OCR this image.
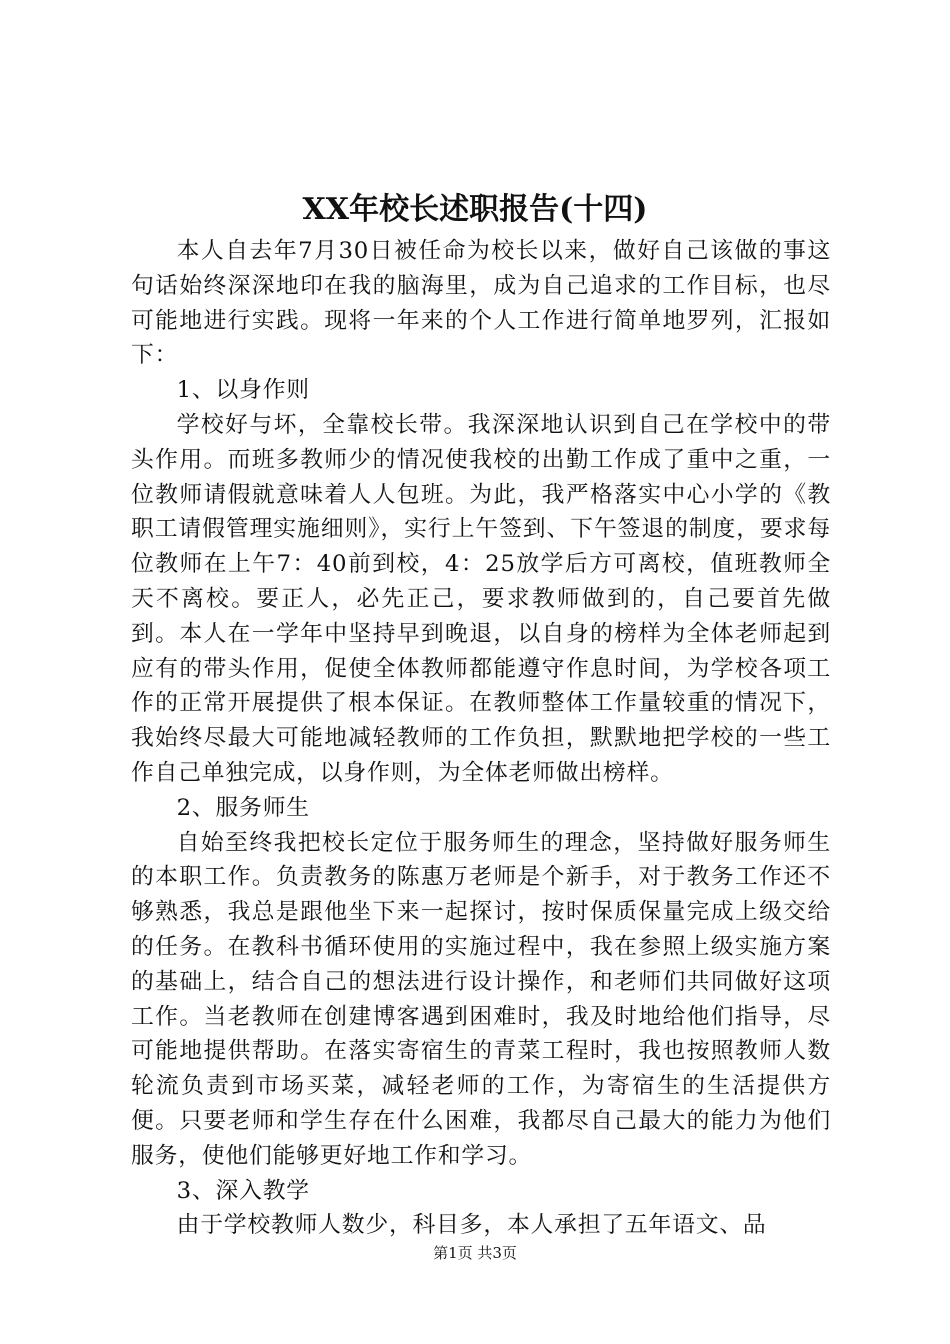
XX年校长述职报告(十四)

本人自去年7月30日被任命为校长以来，做好自己该做的事这句话始终深深地印在我的脑海里，成为自己追求的工作目标，也尽可能地进行实践。现将一年来的个人工作进行简单地罗列，汇报如下：

1、以身作则

学校好与坏，全靠校长带。我深深地认识到自己在学校中的带头作用。而班多教师少的情况使我校的出勤工作成了重中之重，一位教师请假就意味着人人包班。为此，我严格落实中心小学的《教职工请假管理实施细则》，实行上午签到、下午签退的制度，要求每位教师在上午7：40前到校，4：25放学后方可离校，值班教师全天不离校。要正人，必先正己，要求教师做到的，自己要首先做到。本人在一学年中坚持早到晚退，以自身的榜样为全体老师起到应有的带头作用，促使全体教师都能遵守作息时间，为学校各项工作的正常开展提供了根本保证。在教师整体工作量较重的情况下，我始终尽最大可能地减轻教师的工作负担，默默地把学校的一些工作自己单独完成，以身作则，为全体老师做出榜样。

2、服务师生

自始至终我把校长定位于服务师生的理念，坚持做好服务师生的本职工作。负责教务的陈惠万老师是个新手，对于教务工作还不够熟悉，我总是跟他坐下来一起探讨，按时保质保量完成上级交给的任务。在教科书循环使用的实施过程中，我在参照上级实施方案的基础上，结合自己的想法进行设计操作，和老师们共同做好这项工作。当老教师在创建博客遇到困难时，我及时地给他们指导，尽可能地提供帮助。在落实寄宿生的青菜工程时，我也按照教师人数轮流负责到市场买菜，减轻老师的工作，为寄宿生的生活提供方便。只要老师和学生存在什么困难，我都尽自己最大的能力为他们服务，使他们能够更好地工作和学习。

3、深入教学

由于学校教师人数少，科目多，本人承担了五年语文、品

第1页 共3页
